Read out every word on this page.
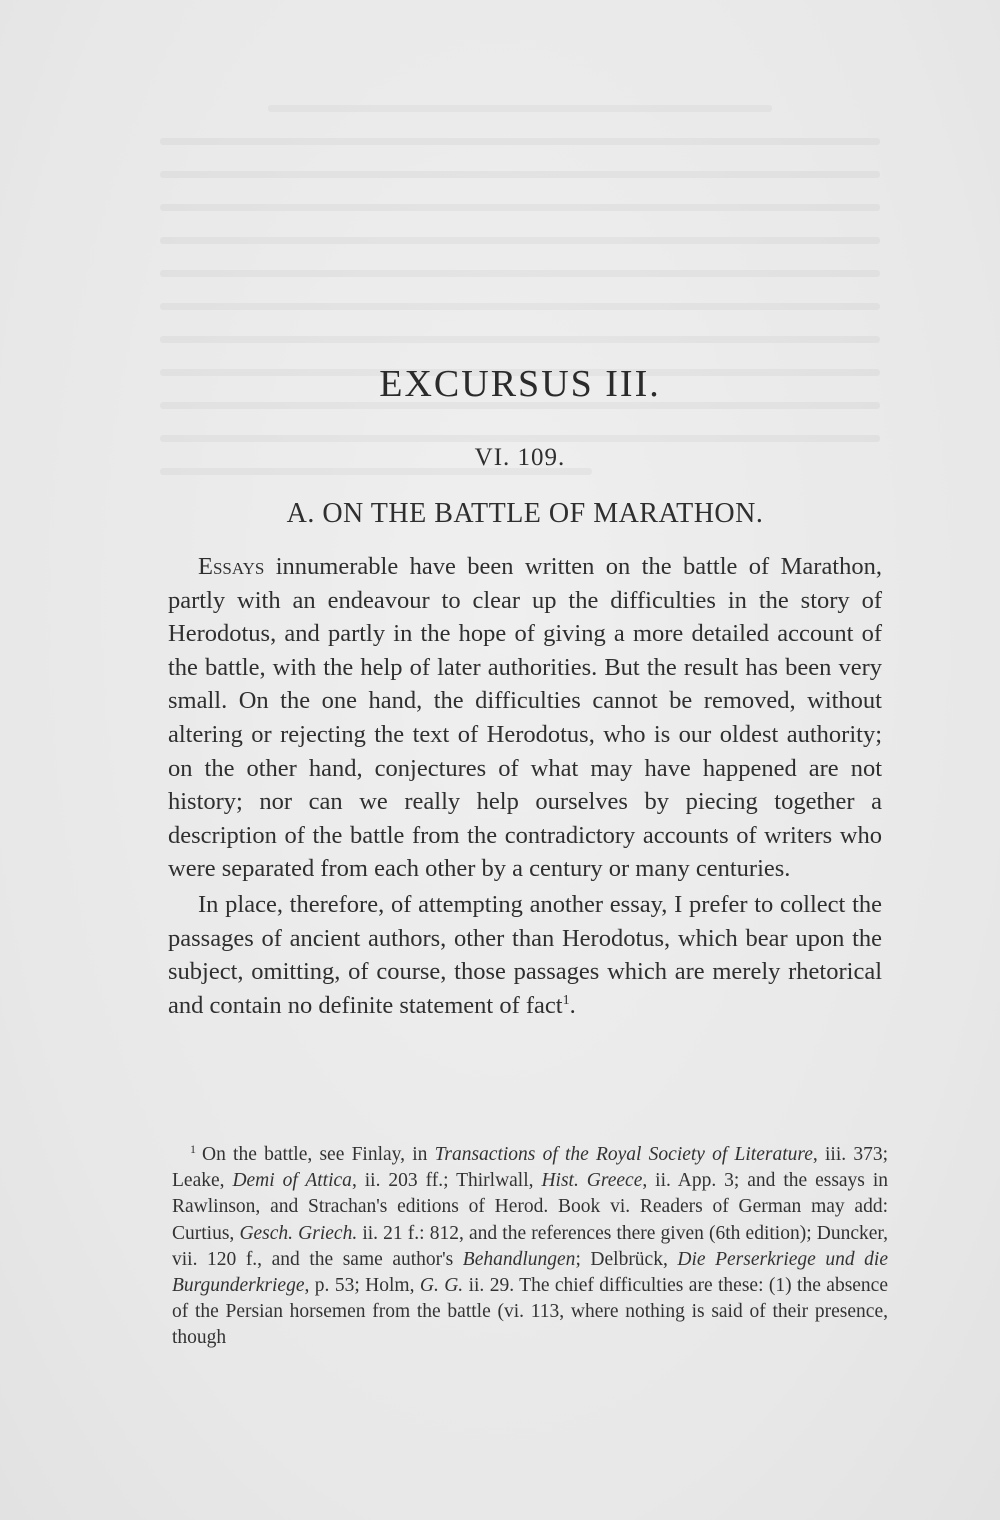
EXCURSUS III.
VI. 109.
A. ON THE BATTLE OF MARATHON.

Essays innumerable have been written on the battle of Marathon, partly with an endeavour to clear up the difficulties in the story of Herodotus, and partly in the hope of giving a more detailed account of the battle, with the help of later authorities. But the result has been very small. On the one hand, the difficulties cannot be removed, without altering or rejecting the text of Herodotus, who is our oldest authority; on the other hand, conjectures of what may have happened are not history; nor can we really help ourselves by piecing together a description of the battle from the contradictory accounts of writers who were separated from each other by a century or many centuries.

In place, therefore, of attempting another essay, I prefer to collect the passages of ancient authors, other than Herodotus, which bear upon the subject, omitting, of course, those passages which are merely rhetorical and contain no definite statement of fact$^1$.

$^1$ On the battle, see Finlay, in Transactions of the Royal Society of Literature, iii. 373; Leake, Demi of Attica, ii. 203 ff.; Thirlwall, Hist. Greece, ii. App. 3; and the essays in Rawlinson, and Strachan's editions of Herod. Book vi. Readers of German may add: Curtius, Gesch. Griech. ii. 21 f.: 812, and the references there given (6th edition); Duncker, vii. 120 f., and the same author's Behandlungen; Delbrück, Die Perserkriege und die Burgunderkriege, p. 53; Holm, G. G. ii. 29. The chief difficulties are these: (1) the absence of the Persian horsemen from the battle (vi. 113, where nothing is said of their presence, though
